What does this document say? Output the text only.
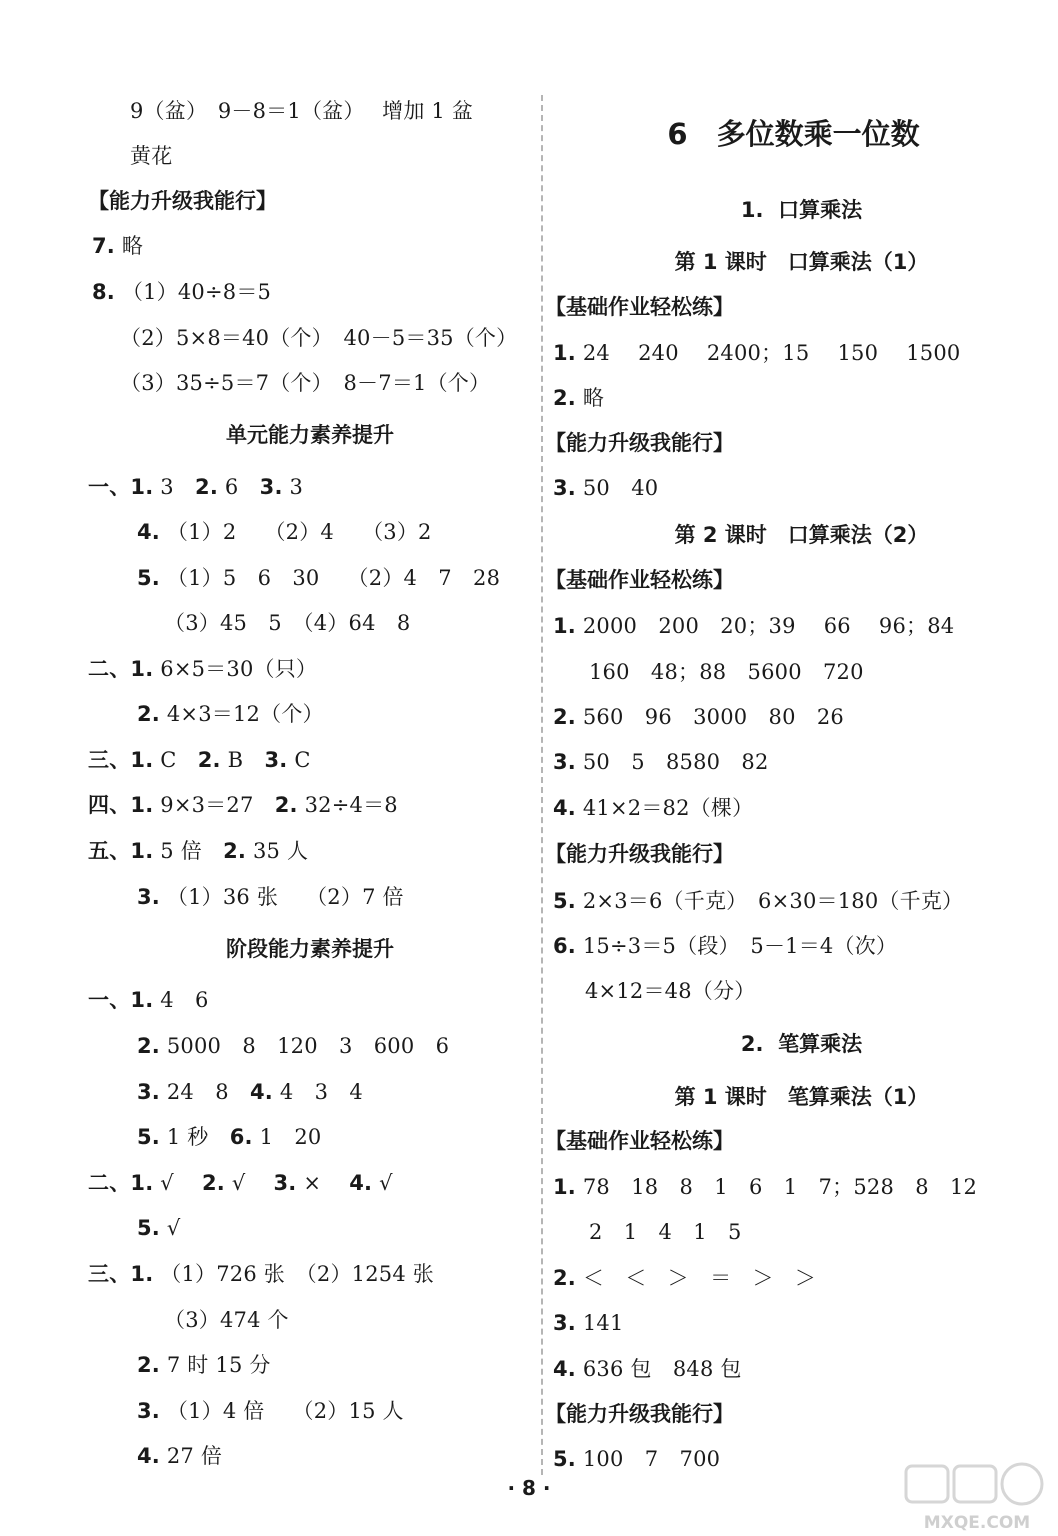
9（盆）　9－8＝1（盆）　 增加 1 盆
黄花
【能力升级我能行】
7. 略
8. （1）40÷8＝5
（2）5×8＝40（个）　40－5＝35（个）
（3）35÷5＝7（个）　8－7＝1（个）
单元能力素养提升
一、1. 3　2. 6　3. 3
4. （1）2　 （2）4　 （3）2
5. （1）5　6　30　 （2）4　7　28
（3）45　5　（4）64　8
二、1. 6×5＝30（只）
2. 4×3＝12（个）
三、1. C　2. B　3. C
四、1. 9×3＝27　2. 32÷4＝8
五、1. 5 倍　2. 35 人
3. （1）36 张　 （2）7 倍
阶段能力素养提升
一、1. 4　6
2. 5000　8　120　3　600　6
3. 24　8　4. 4　3　4
5. 1 秒　6. 1　20
二、1. √　 2. √　 3. ×　 4. √
5. √
三、1. （1）726 张　（2）1254 张
（3）474 个
2. 7 时 15 分
3. （1）4 倍　 （2）15 人
4. 27 倍
6　多位数乘一位数
1.  口算乘法
第 1 课时　口算乘法（1）
【基础作业轻松练】
1. 24　 240　 2400；15　 150　 1500
2. 略
【能力升级我能行】
3. 50　40
第 2 课时　口算乘法（2）
【基础作业轻松练】
1. 2000　200　20；39　 66　 96；84
160　48；88　5600　720
2. 560　96　3000　80　26
3. 50　5　8580　82
4. 41×2＝82（棵）
【能力升级我能行】
5. 2×3＝6（千克）　6×30＝180（千克）
6. 15÷3＝5（段）　5－1＝4（次）
4×12＝48（分）
2.  笔算乘法
第 1 课时　笔算乘法（1）
【基础作业轻松练】
1. 78　18　8　1　6　1　7；528　8　12
2　1　4　1　5
2. ＜　＜　＞　＝　＞　＞
3. 141
4. 636 包　848 包
【能力升级我能行】
5. 100　7　700
· 8 ·
MXQE.COM
